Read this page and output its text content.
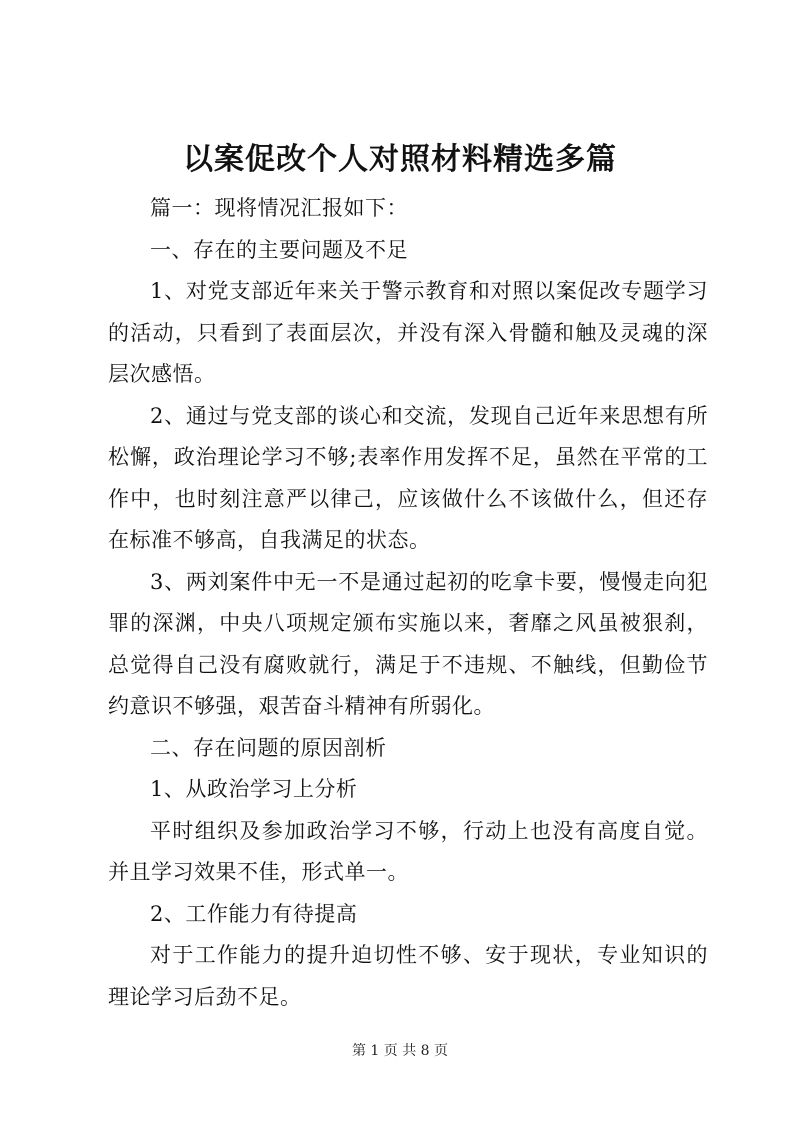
以案促改个人对照材料精选多篇

篇一：现将情况汇报如下：

一、存在的主要问题及不足

1、对党支部近年来关于警示教育和对照以案促改专题学习的活动，只看到了表面层次，并没有深入骨髓和触及灵魂的深层次感悟。

2、通过与党支部的谈心和交流，发现自己近年来思想有所松懈，政治理论学习不够;表率作用发挥不足，虽然在平常的工作中，也时刻注意严以律己，应该做什么不该做什么，但还存在标准不够高，自我满足的状态。

3、两刘案件中无一不是通过起初的吃拿卡要，慢慢走向犯罪的深渊，中央八项规定颁布实施以来，奢靡之风虽被狠刹，总觉得自己没有腐败就行，满足于不违规、不触线，但勤俭节约意识不够强，艰苦奋斗精神有所弱化。

二、存在问题的原因剖析

1、从政治学习上分析

平时组织及参加政治学习不够，行动上也没有高度自觉。并且学习效果不佳，形式单一。

2、工作能力有待提高

对于工作能力的提升迫切性不够、安于现状，专业知识的理论学习后劲不足。

第 1 页 共 8 页
